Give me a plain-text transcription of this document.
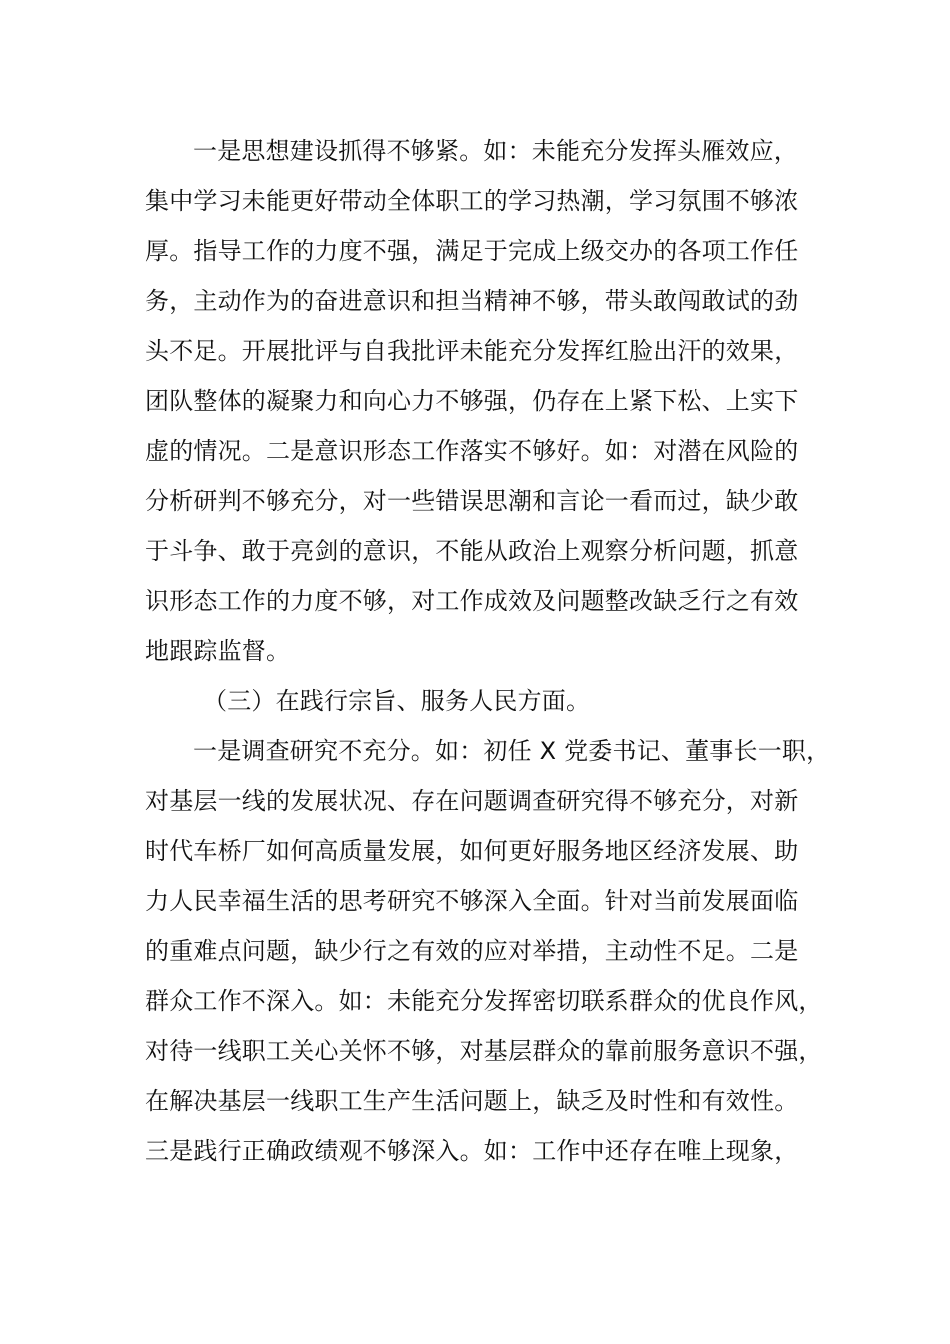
一是思想建设抓得不够紧。如：未能充分发挥头雁效应，
集中学习未能更好带动全体职工的学习热潮，学习氛围不够浓
厚。指导工作的力度不强，满足于完成上级交办的各项工作任
务，主动作为的奋进意识和担当精神不够，带头敢闯敢试的劲
头不足。开展批评与自我批评未能充分发挥红脸出汗的效果，
团队整体的凝聚力和向心力不够强，仍存在上紧下松、上实下
虚的情况。二是意识形态工作落实不够好。如：对潜在风险的
分析研判不够充分，对一些错误思潮和言论一看而过，缺少敢
于斗争、敢于亮剑的意识，不能从政治上观察分析问题，抓意
识形态工作的力度不够，对工作成效及问题整改缺乏行之有效
地跟踪监督。
（三）在践行宗旨、服务人民方面。
一是调查研究不充分。如：初任 X 党委书记、董事长一职，
对基层一线的发展状况、存在问题调查研究得不够充分，对新
时代车桥厂如何高质量发展，如何更好服务地区经济发展、助
力人民幸福生活的思考研究不够深入全面。针对当前发展面临
的重难点问题，缺少行之有效的应对举措，主动性不足。二是
群众工作不深入。如：未能充分发挥密切联系群众的优良作风，
对待一线职工关心关怀不够，对基层群众的靠前服务意识不强，
在解决基层一线职工生产生活问题上，缺乏及时性和有效性。
三是践行正确政绩观不够深入。如：工作中还存在唯上现象，
